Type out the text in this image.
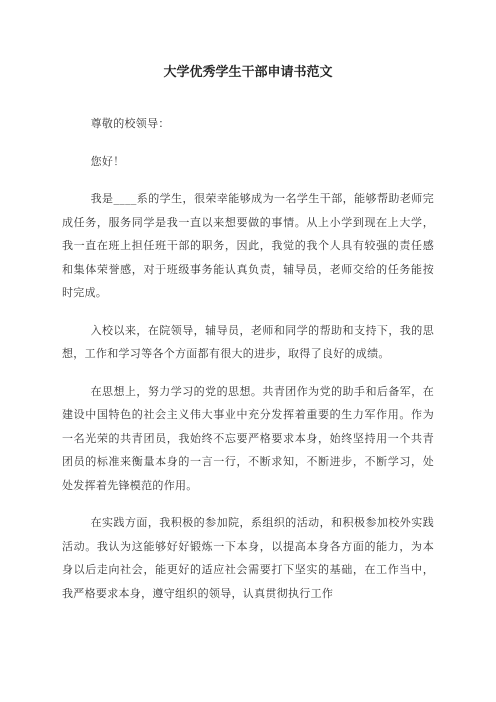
大学优秀学生干部申请书范文
尊敬的校领导：
您好！
我是____系的学生，很荣幸能够成为一名学生干部，能够帮助老师完成任务，服务同学是我一直以来想要做的事情。从上小学到现在上大学，我一直在班上担任班干部的职务，因此，我觉的我个人具有较强的责任感和集体荣誉感，对于班级事务能认真负责，辅导员，老师交给的任务能按时完成。
入校以来，在院领导，辅导员，老师和同学的帮助和支持下，我的思想，工作和学习等各个方面都有很大的进步，取得了良好的成绩。
在思想上，努力学习的党的思想。共青团作为党的助手和后备军，在建设中国特色的社会主义伟大事业中充分发挥着重要的生力军作用。作为一名光荣的共青团员，我始终不忘要严格要求本身，始终坚持用一个共青团员的标准来衡量本身的一言一行，不断求知，不断进步，不断学习，处处发挥着先锋模范的作用。
在实践方面，我积极的参加院，系组织的活动，和积极参加校外实践活动。我认为这能够好好锻炼一下本身，以提高本身各方面的能力，为本身以后走向社会，能更好的适应社会需要打下坚实的基础，在工作当中，我严格要求本身，遵守组织的领导，认真贯彻执行工作
